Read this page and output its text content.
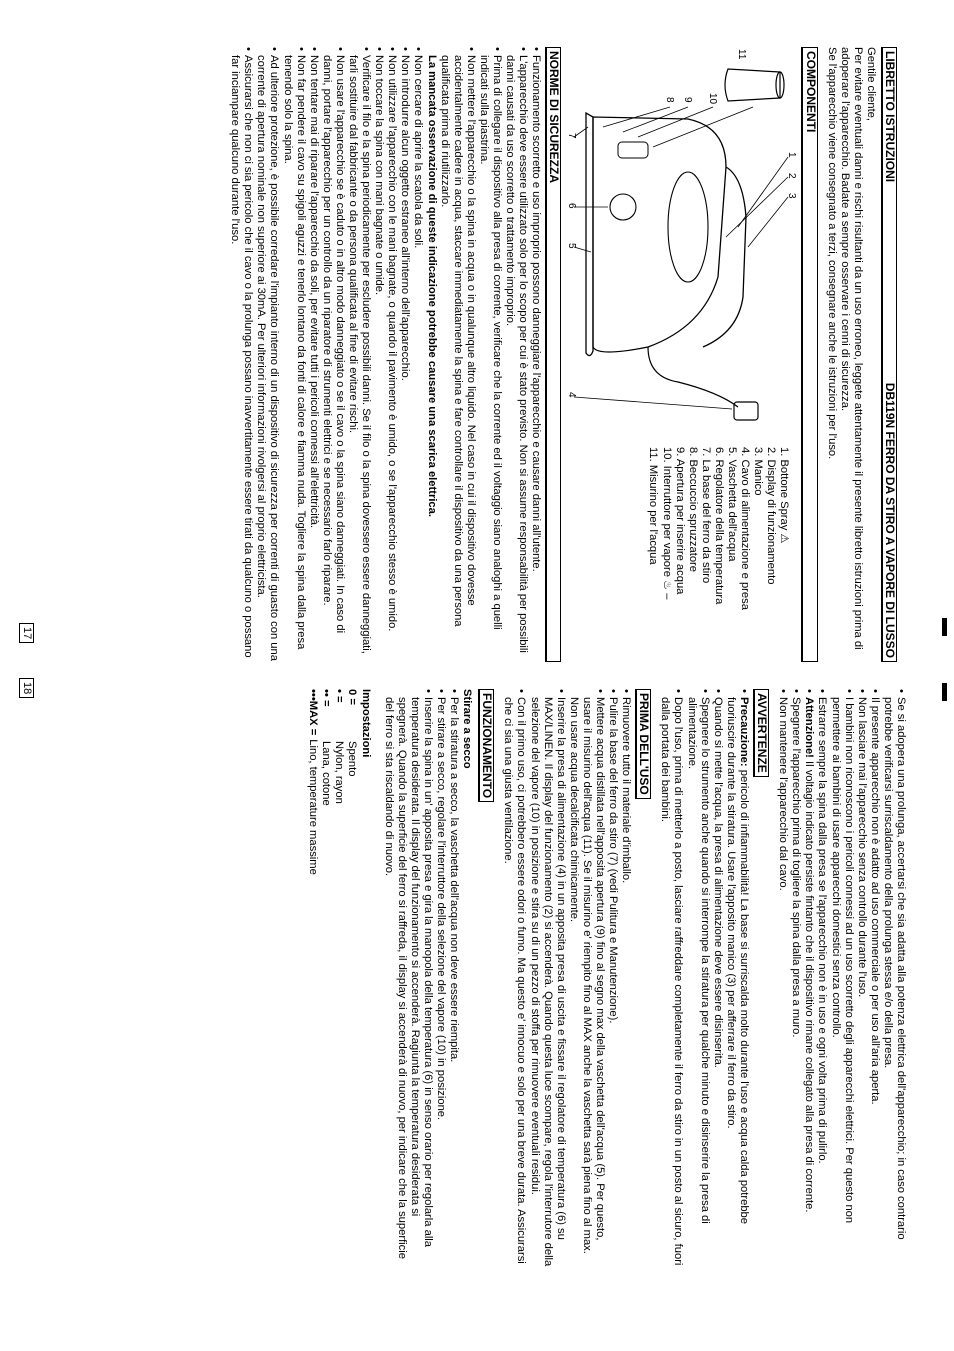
LIBRETTO ISTRUZIONI
DB119N FERRO DA STIRO A VAPORE DI LUSSO

Gentile cliente,

Per evitare eventuali danni e rischi risultanti da un uso erroneo, leggete attentamente il presente libretto istruzioni prima di adoperare l'apparecchio. Badate a sempre osservare i cenni di sicurezza.

Se l'apparecchio viene consegnato a terzi, consegnare anche le istruzioni per l'uso.

COMPONENTI
1
2
3
4
5
6
7
8 9 10
11
1. Bottone Spray ⚠
2. Display di funzionamento
3. Manico
4. Cavo di alimentazione e presa
5. Vaschetta dell'acqua
6. Regolatore della temperatura
7. La base del ferro da stiro
8. Beccuccio spruzzatore
9. Apertura per inserire acqua
10. Interruttore per vapore ♨ –
11. Misurino per l'acqua
NORME DI SICUREZZA
• Funzionamento scorretto e uso improprio possono danneggiare l'apparecchio e causare danni all'utente.
• L'apparecchio deve essere utilizzato solo per lo scopo per cui è stato previsto. Non si assume responsabilità per possibili danni causati da uso scorretto o trattamento improprio.
• Prima di collegare il dispositivo alla presa di corrente, verificare che la corrente ed il voltaggio siano analoghi a quelli indicati sulla piastrina.
• Non mettere l'apparecchio o la spina in acqua o in qualunque altro liquido. Nel caso in cui il dispositivo dovesse accidentalmente cadere in acqua, staccare immediatamente la spina e fare controllare il dispositivo da una persona qualificata prima di riutilizzarlo.

La mancata osservazione di queste indicazione potrebbe causare una scarica elettrica.

• Non cercare di aprire la scatola da soli.
• Non introdurre alcun oggetto estraneo all'interno dell'apparecchio.
• Non utilizzare l'apparecchio con le mani bagnate, o quando il pavimento è umido, o se l'apparecchio stesso è umido.
• Non toccare la spina con mani bagnate o umide.
• Verificare il filo e la spina periodicamente per escludere possibili danni. Se il filo o la spina dovessero essere danneggiati, farli sostituire dal fabbricante o da persona qualificata al fine di evitare rischi.
• Non usare l'apparecchio se è caduto o in altro modo danneggiato o se il cavo o la spina siano danneggiati. In caso di danni, portare l'apparecchio per un controllo da un riparatore di strumenti elettrici e se necessario farlo riparare.
• Non tentare mai di riparare l'apparecchio da soli, per evitare tutti i pericoli connessi all'elettricità.
• Non far pendere il cavo su spigoli aguzzi e tenerlo lontano da fonti di calore e fiamma nuda. Togliere la spina dalla presa tenendo solo la spina.
• Ad ulteriore protezione, è possibile corredare l'impianto interno di un dispositivo di sicurezza per correnti di guasto con una corrente di apertura nominale non superiore ai 30mA. Per ulteriori informazioni rivolgersi al proprio elettricista.
• Assicurarsi che non ci sia pericolo che il cavo o la prolunga possano inavvertitamente essere tirati da qualcuno o possano far inciampare qualcuno durante l'uso.
17
• Se si adopera una prolunga, accertarsi che sia adatta alla potenza elettrica dell'apparecchio; in caso contrario potrebbe verificarsi surriscaldamento della prolunga stessa e/o della presa.
• Il presente apparecchio non è adatto ad uso commerciale o per uso all'aria aperta.
• Non lasciare mai l'apparecchio senza controllo durante l'uso.
• I bambini non riconoscono i pericoli connessi ad un uso scorretto degli apparecchi elettrici. Per questo non permettere ai bambini di usare apparecchi domestici senza controllo.
• Estrarre sempre la spina dalla presa se l'apparecchio non è in uso e ogni volta prima di pulirlo.
• Attenzione! Il voltagio indicato persiste fintanto che il dispositivo rimane collegato alla presa di corrente.
• Spegnere l'apparecchio prima di togliere la spina dalla presa a muro.
• Non mantenere l'apparecchio dal cavo.
AVVERTENZE
• Precauzione: pericolo di infiammabilità! La base si surriscalda molto durante l'uso e acqua calda potrebbe fuoriuscire durante la stiratura. Usare l'apposito manico (3) per afferrare il ferro da stiro.
• Quando si mette l'acqua, la presa di alimentazione deve essere disinserita.
• Spegnere lo strumento anche quando si interrompe la stiratura per qualche minuto e disinserire la presa di alimentazione.
• Dopo l'uso, prima di metterlo a posto, lasciare raffreddare completamente il ferro da stiro in un posto al sicuro, fuori dalla portata dei bambini.
PRIMA DELL'USO
• Rimuovere tutto il materiale d'imballo.
• Pulire la base del ferro da stiro (7) (vedi Pulitura e Manutenzione).
• Mettere acqua distillata nell'apposita apertura (9) fino al segno max della vaschetta dell'acqua (5). Per questo, usare il misurino dell'acqua (11). Se il misurino e' riempito fino al MAX anche la vaschetta sarà piena fino al max. Non usare acqua decalcificata chimicamente.
• Inserire la presa di alimentazione (4) in un apposita presa di uscita e fissare il regolatore di temperatura (6) su MAX/LINEN. Il display del funzionamento (2) si accenderà. Quando questa luce scompare, regola l'interrutore della selezione del vapore (10) in posizione e stira su di un pezzo di stoffa per rimuovere eventuali residui.
• Con il primo uso, ci potrebbero essere odori o fumo. Ma questo e' innocuo e solo per una breve durata. Assicurarsi che ci sia una giusta ventilazione.
FUNZIONAMENTO
Stirare a secco
• Per la stiratura a secco, la vaschetta dell'acqua non deve essere riempita.
• Per stirare a secco, regolare l'interruttore della selezione del vapore (10) in posizione.
• Inserire la spina in un' apposita presa e gira la manopola della temperatura (6) in senso orario per regolarla alla temperatura desiderata. Il display del funzionamento si accenderà. Ragiunta la temperatura desiderata si spegnerà. Quando la superficie del ferro si raffreda, il display si accenderà di nuovo, per indicare che la superficie del ferro si sta riscaldando di nuovo.
Impostazioni
0 =
Spento
• =
Nylon, rayon
•• =
Lana, cotone
•••MAX =
Lino, temperature massime
18
